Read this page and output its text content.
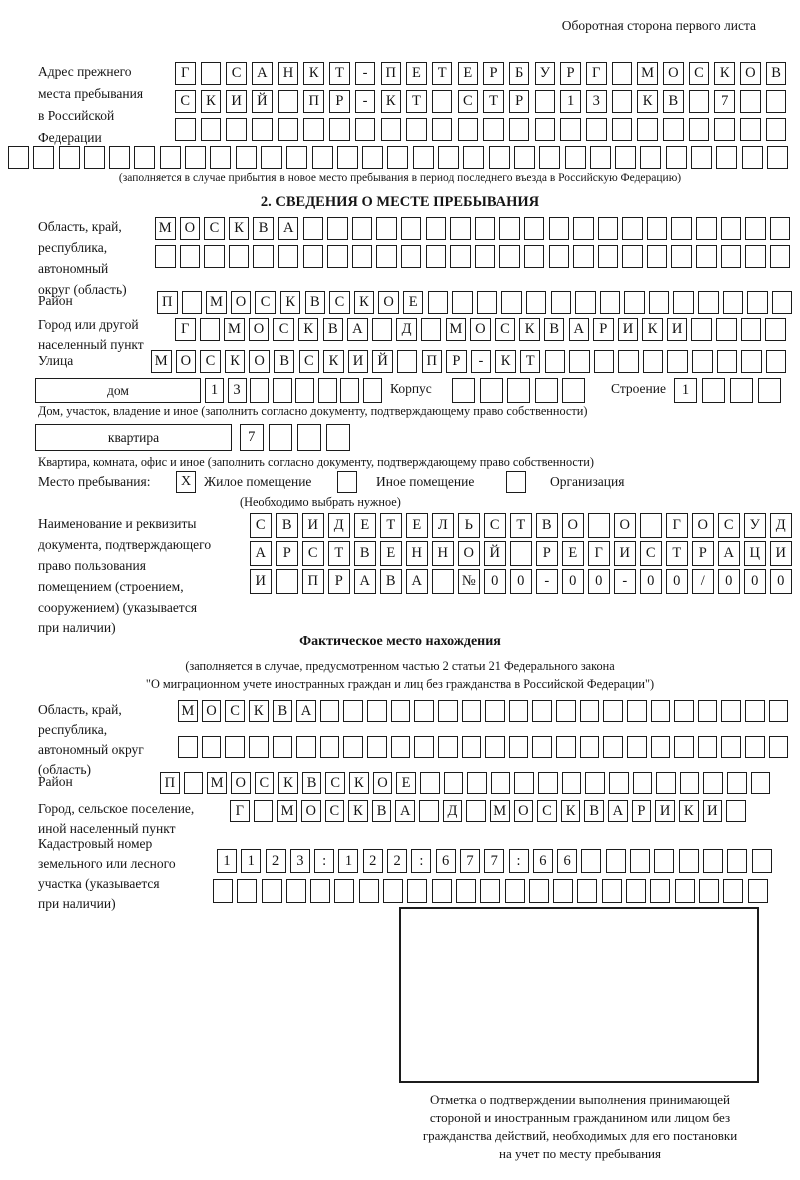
Оборотная сторона первого листа
Адрес прежнего
места пребывания
в Российской
Федерации
Г	С	А	Н	К	Т	-	П	Е	Т	Е	Р	Б	У	Р	Г	М О	С	К	О	В
С	К	И	Й	П	Р	-	К	Т	С	Т	Р	1	3	К	В	7
(заполняется в случае прибытия в новое место пребывания в период последнего въезда в Российскую Федерацию)
2. СВЕДЕНИЯ О МЕСТЕ ПРЕБЫВАНИЯ
Область, край,
республика,
автономный
округ (область)
М О	С	К	В	А
Район	П	М О	С	К	В	С	К	О	Е
Город или другой
населенный пункт
Г	М О	С	К	В	А	Д	М О	С	К	В	А	Р	И	К	И
Улица	М О	С	К	О	В	С	К	И Й	П	Р	-	К	Т
дом	1	3	Корпус	Строение	1
Дом, участок, владение и иное (заполнить согласно документу, подтверждающему право собственности)
квартира	7
Квартира, комната, офис и иное (заполнить согласно документу, подтверждающему право собственности)
Место пребывания:	X Жилое помещение	Иное помещение	Организация
(Необходимо выбрать нужное)
Наименование и реквизиты
документа, подтверждающего
право пользования
помещением (строением,
сооружением) (указывается
при наличии)
С	В	И	Д	Е	Т	Е	Л	Ь	С	Т	В	О	О	Г	О	С	У	Д
А	Р	С	Т	В	Е	Н	Н	О	Й	Р	Е	Г	И	С	Т	Р	А	Ц	И
И	П	Р	А	В	А	№	0	0	-	0	0	-	0	0	/	0	0	0
Фактическое место нахождения
(заполняется в случае, предусмотренном частью 2 статьи 21 Федерального закона
"О миграционном учете иностранных граждан и лиц без гражданства в Российской Федерации")
Область, край,
республика,
автономный округ
(область)
М О С К В А
Район	П	М О С К В С К О Е
Город, сельское поселение,
иной населенный пункт
Г	М О С К В А	Д	М О С К В А Р И К И
Кадастровый номер
земельного или лесного
участка (указывается
при наличии)
1	1	2	3	:	1	2	2	:	6	7	7	:	6	6
Отметка о подтверждении выполнения принимающей
стороной и иностранным гражданином или лицом без
гражданства действий, необходимых для его постановки
на учет по месту пребывания
